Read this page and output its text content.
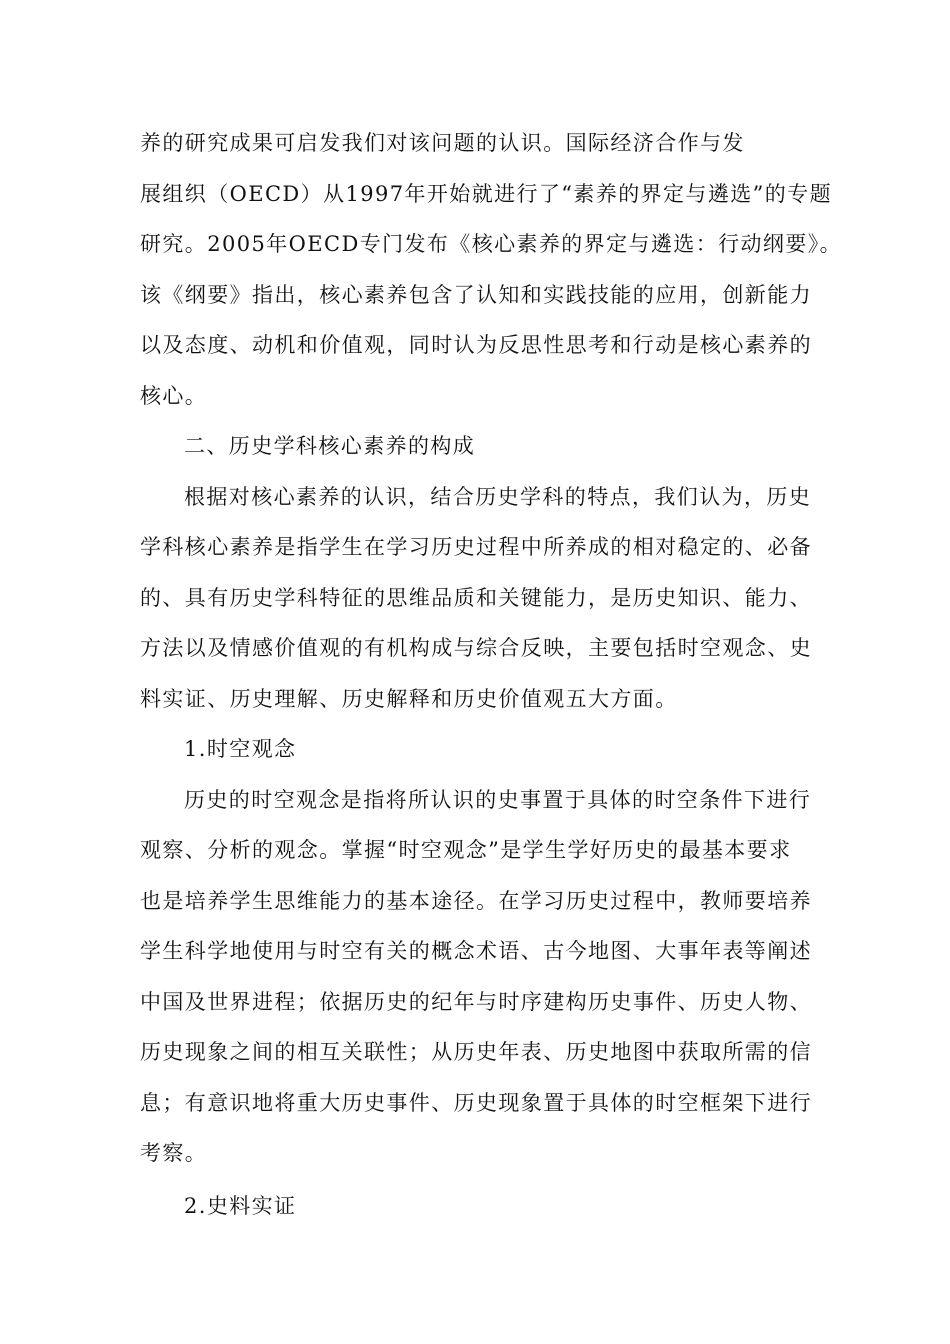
养的研究成果可启发我们对该问题的认识。国际经济合作与发
展组织（OECD）从1997年开始就进行了“素养的界定与遴选”的专题
研究。2005年OECD专门发布《核心素养的界定与遴选：行动纲要》。
该《纲要》指出，核心素养包含了认知和实践技能的应用，创新能力
以及态度、动机和价值观，同时认为反思性思考和行动是核心素养的
核心。
二、历史学科核心素养的构成
根据对核心素养的认识，结合历史学科的特点，我们认为，历史
学科核心素养是指学生在学习历史过程中所养成的相对稳定的、必备
的、具有历史学科特征的思维品质和关键能力，是历史知识、能力、
方法以及情感价值观的有机构成与综合反映，主要包括时空观念、史
料实证、历史理解、历史解释和历史价值观五大方面。
1.时空观念
历史的时空观念是指将所认识的史事置于具体的时空条件下进行
观察、分析的观念。掌握“时空观念”是学生学好历史的最基本要求
也是培养学生思维能力的基本途径。在学习历史过程中，教师要培养
学生科学地使用与时空有关的概念术语、古今地图、大事年表等阐述
中国及世界进程；依据历史的纪年与时序建构历史事件、历史人物、
历史现象之间的相互关联性；从历史年表、历史地图中获取所需的信
息；有意识地将重大历史事件、历史现象置于具体的时空框架下进行
考察。
2.史料实证
